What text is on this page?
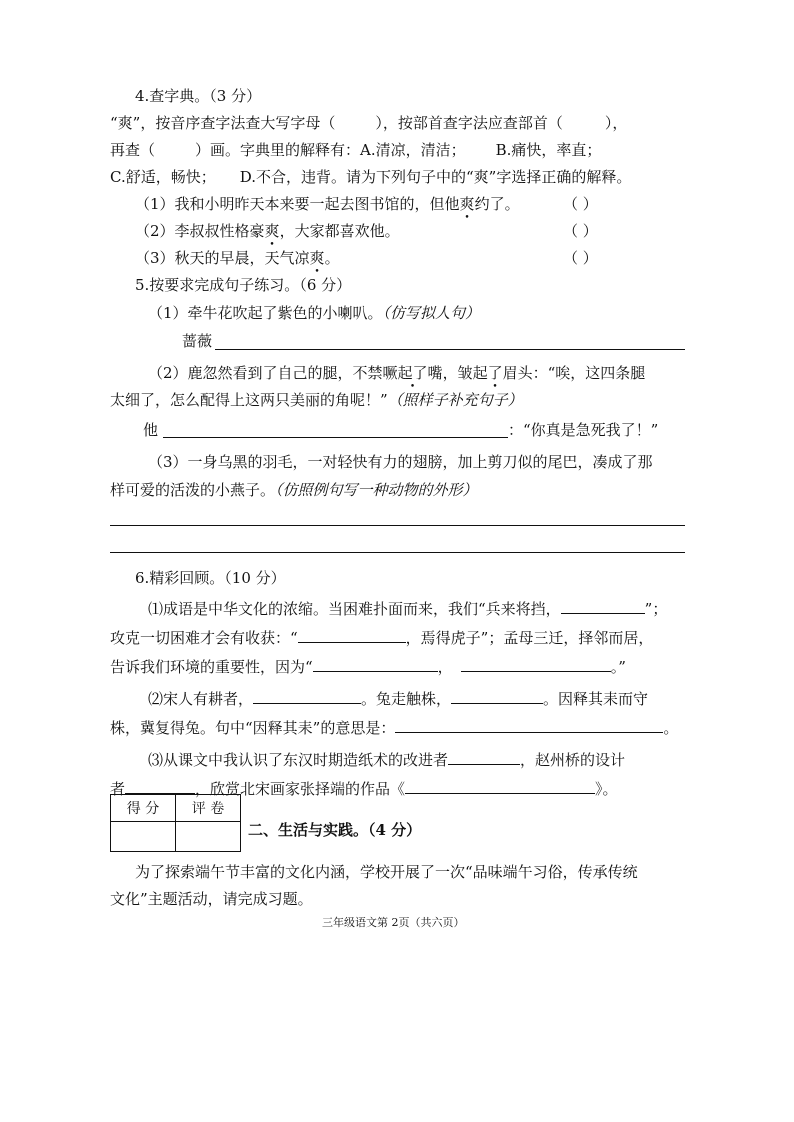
4.查字典。（3 分）
“爽”，按音序查字法查大写字母（	），按部首查字法应查部首（	），
再查（	）画。字典里的解释有：A.清凉，清洁； B.痛快，率直；
C.舒适，畅快； D.不合，违背。请为下列句子中的“爽”字选择正确的解释。
（1）我和小明昨天本来要一起去图书馆的，但他爽约了。	（ ）
（2）李叔叔性格豪爽，大家都喜欢他。	（ ）
（3）秋天的早晨，天气凉爽。	（ ）
5.按要求完成句子练习。（6 分）
（1）牵牛花吹起了紫色的小喇叭。（仿写拟人句）
蔷薇
（2）鹿忽然看到了自己的腿，不禁噘起了嘴，皱起了眉头 •：“唉，这四条腿
太细了，怎么配得上这两只美丽的角呢！”（照样子补充句子）
他	：“你真是急死我了！”
（3）一身乌黑的羽毛，一对轻快有力的翅膀，加上剪刀似的尾巴，凑成了那
样可爱的活泼的小燕子。（仿照例句写一种动物的外形）
6.精彩回顾。（10 分）
⑴成语是中华文化的浓缩。当困难扑面而来，我们“兵来将挡，	”；
攻克一切困难才会有收获：“	，焉得虎子”；孟母三迁，择邻而居，
告诉我们环境的重要性，因为“	，	。”
⑵宋人有耕者，	。兔走触株，	。因释其耒而守
株，冀复得兔。句中“因释其耒”的意思是：	。
⑶从课文中我认识了东汉时期造纸术的改进者	，赵州桥的设计
者	，欣赏北宋画家张择端的作品《	》。
得 分	评 卷

二、生活与实践。（4 分）
为了探索端午节丰富的文化内涵，学校开展了一次“品味端午习俗，传承传统
文化”主题活动，请完成习题。
三年级语文第 2页（共六页）
